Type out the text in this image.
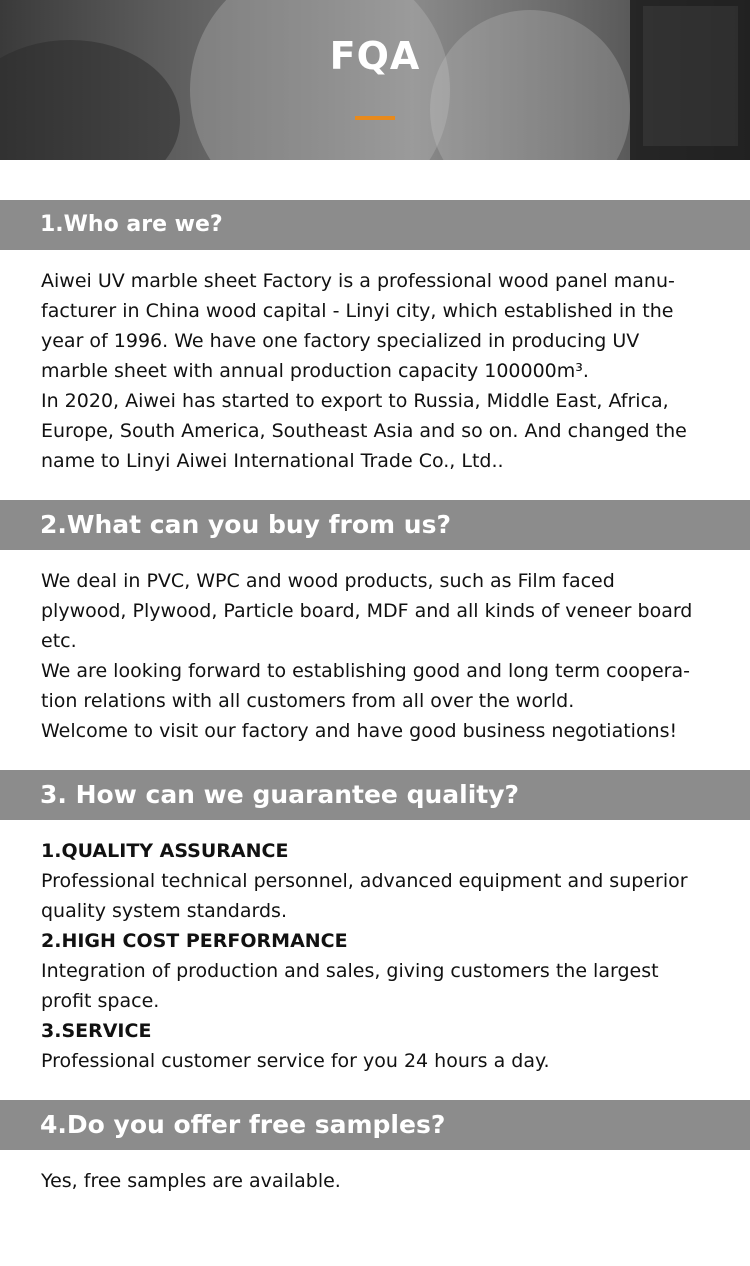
FQA
1.Who are we?
Aiwei UV marble sheet Factory is a professional wood panel manu-
facturer in China wood capital - Linyi city, which established in the
year of 1996. We have one factory specialized in producing UV
marble sheet with annual production capacity 100000m³.
In 2020, Aiwei has started to export to Russia, Middle East, Africa,
Europe, South America, Southeast Asia and so on. And changed the
name to Linyi Aiwei International Trade Co., Ltd..
2.What can you buy from us?
We deal in PVC, WPC and wood products, such as Film faced
plywood, Plywood, Particle board, MDF and all kinds of veneer board
etc.
We are looking forward to establishing good and long term coopera-
tion relations with all customers from all over the world.
Welcome to visit our factory and have good business negotiations!
3. How can we guarantee quality?
1.QUALITY ASSURANCE
Professional technical personnel, advanced equipment and superior
quality system standards.
2.HIGH COST PERFORMANCE
Integration of production and sales, giving customers the largest
profit space.
3.SERVICE
Professional customer service for you 24 hours a day.
4.Do you offer free samples?
Yes, free samples are available.
